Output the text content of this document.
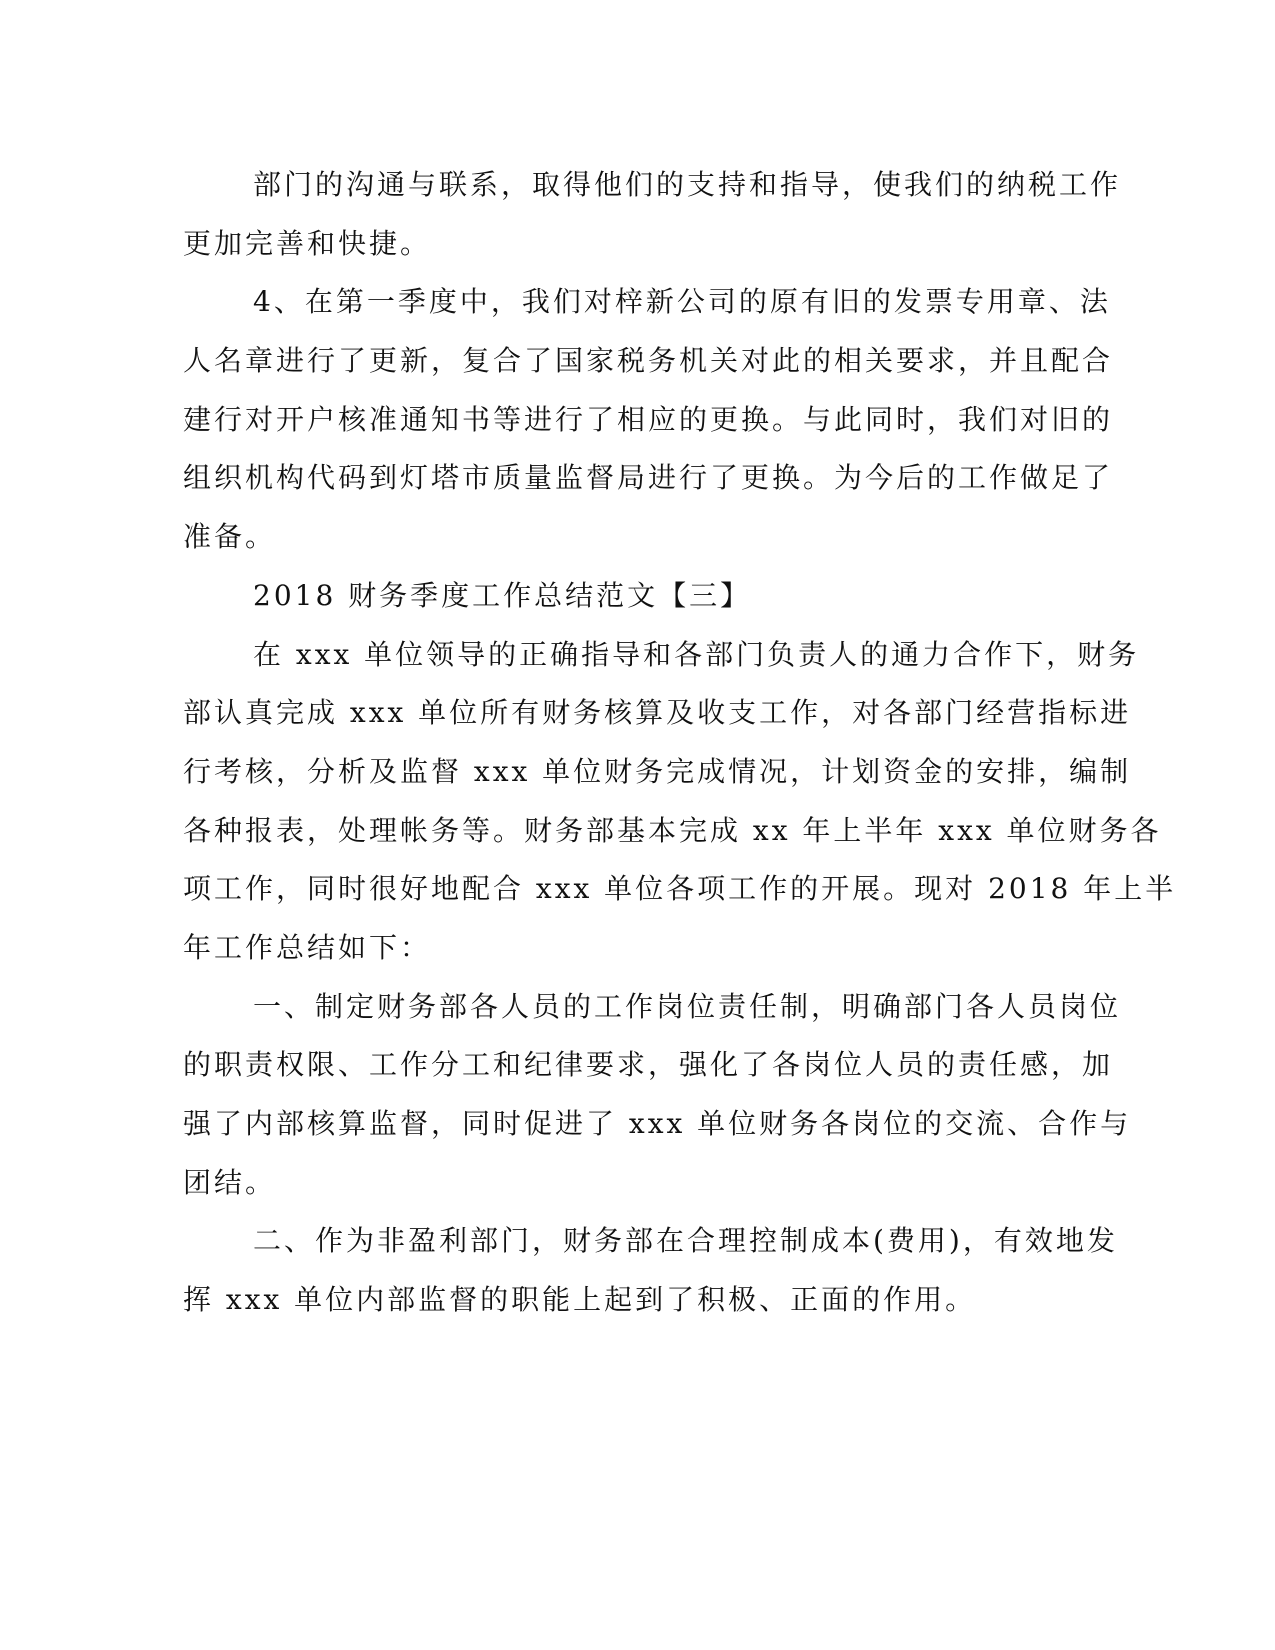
部门的沟通与联系，取得他们的支持和指导，使我们的纳税工作
更加完善和快捷。
4、在第一季度中，我们对梓新公司的原有旧的发票专用章、法
人名章进行了更新，复合了国家税务机关对此的相关要求，并且配合
建行对开户核准通知书等进行了相应的更换。与此同时，我们对旧的
组织机构代码到灯塔市质量监督局进行了更换。为今后的工作做足了
准备。
2018 财务季度工作总结范文【三】
在 xxx 单位领导的正确指导和各部门负责人的通力合作下，财务
部认真完成 xxx 单位所有财务核算及收支工作，对各部门经营指标进
行考核，分析及监督 xxx 单位财务完成情况，计划资金的安排，编制
各种报表，处理帐务等。财务部基本完成 xx 年上半年 xxx 单位财务各
项工作，同时很好地配合 xxx 单位各项工作的开展。现对 2018 年上半
年工作总结如下：
一、制定财务部各人员的工作岗位责任制，明确部门各人员岗位
的职责权限、工作分工和纪律要求，强化了各岗位人员的责任感，加
强了内部核算监督，同时促进了 xxx 单位财务各岗位的交流、合作与
团结。
二、作为非盈利部门，财务部在合理控制成本(费用)，有效地发
挥 xxx 单位内部监督的职能上起到了积极、正面的作用。
